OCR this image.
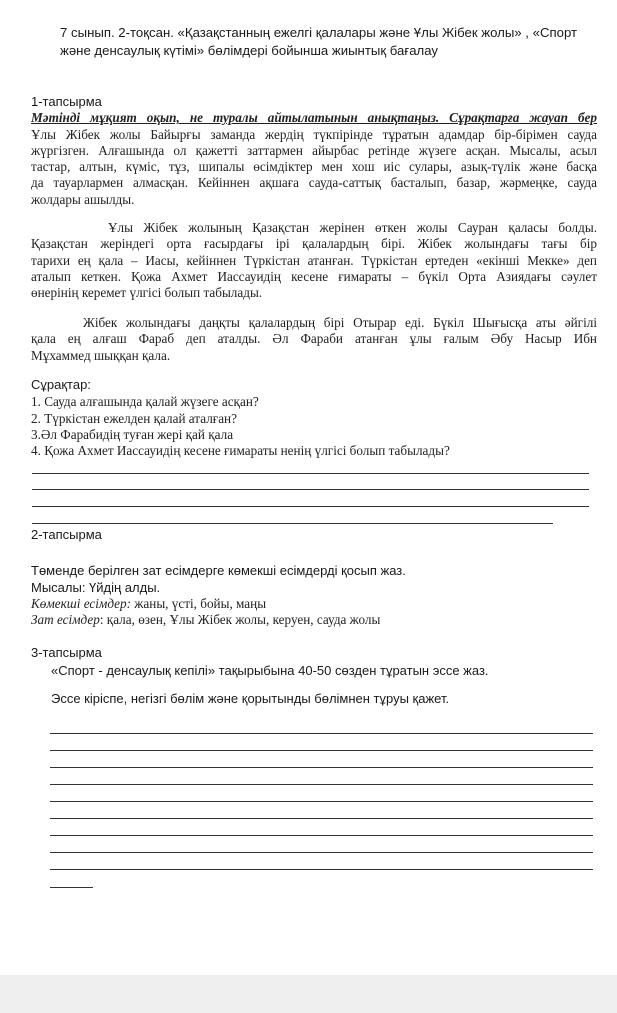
7 сынып. 2-тоқсан. «Қазақстанның ежелгі қалалары және Ұлы Жібек жолы» , «Спорт
және денсаулық күтімі» бөлімдері бойынша жиынтық бағалау
1-тапсырма
Мәтінді мұқият оқып, не туралы айтылатынын анықтаңыз. Сұрақтарға жауап бер
Ұлы Жібек жолы Байырғы заманда жердің түкпірінде тұратын адамдар бір-бірімен сауда
жүргізген. Алғашында ол қажетті заттармен айырбас ретінде жүзеге асқан. Мысалы, асыл
тастар, алтын, күміс, тұз, шипалы өсімдіктер мен хош иіс сулары, азық-түлік және басқа
да тауарлармен алмасқан. Кейіннен ақшаға сауда-саттық басталып, базар, жәрмеңке, сауда
жолдары ашылды.
Ұлы Жібек жолының Қазақстан жерінен өткен жолы Сауран қаласы болды.
Қазақстан жеріндегі орта ғасырдағы ірі қалалардың бірі. Жібек жолындағы тағы бір
тарихи ең қала – Иасы, кейіннен Түркістан атанған. Түркістан ертеден «екінші Мекке» деп
аталып кеткен. Қожа Ахмет Иассауидің кесене ғимараты – бүкіл Орта Азиядағы сәулет
өнерінің керемет үлгісі болып табылады.
Жібек жолындағы даңқты қалалардың бірі Отырар еді. Бүкіл Шығысқа аты әйгілі
қала ең алғаш Фараб деп аталды. Әл Фараби атанған ұлы ғалым Әбу Насыр Ибн
Мұхаммед шыққан қала.
Сұрақтар:
1. Сауда алғашында қалай жүзеге асқан?
2. Түркістан ежелден қалай аталған?
3.Әл Фарабидің туған жері қай қала
4. Қожа Ахмет Иассауидің кесене ғимараты ненің үлгісі болып табылады?
2-тапсырма
Төменде берілген зат есімдерге көмекші есімдерді қосып жаз.
Мысалы: Үйдің алды.
Көмекші есімдер: жаны, үсті, бойы, маңы
Зат есімдер: қала, өзен, Ұлы Жібек жолы, керуен, сауда жолы
3-тапсырма
«Спорт - денсаулық кепілі» тақырыбына 40-50 сөзден тұратын эссе жаз.
Эссе кіріспе, негізгі бөлім және қорытынды бөлімнен тұруы қажет.
